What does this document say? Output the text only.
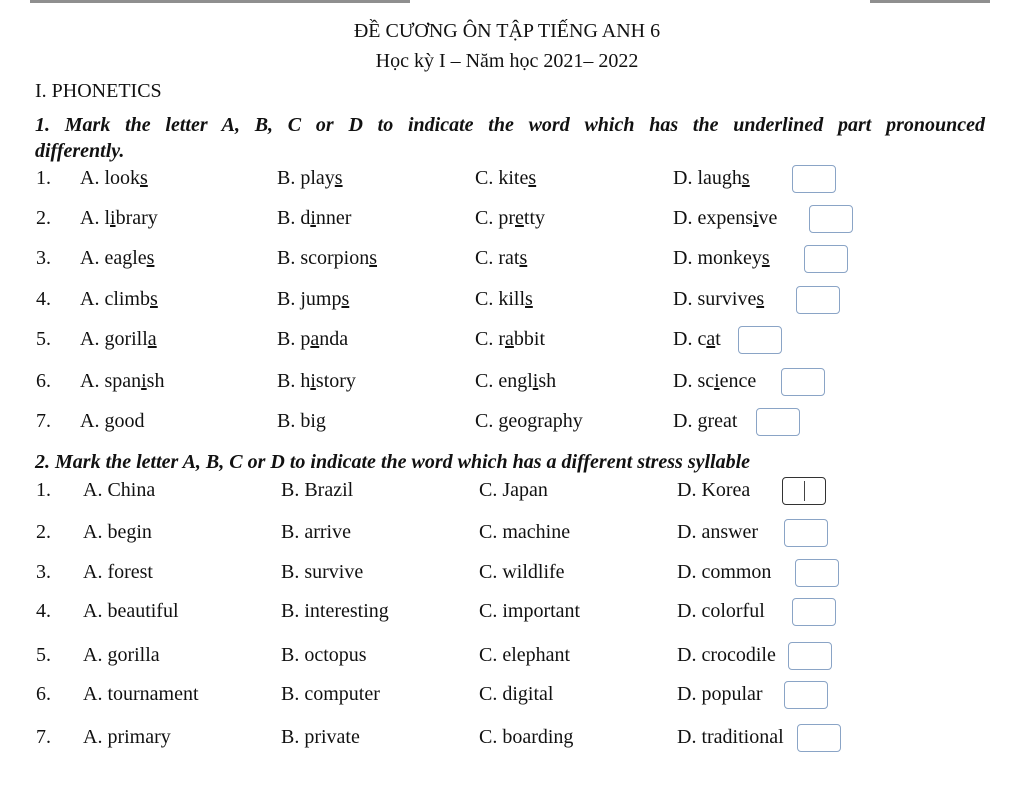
ĐỀ CƯƠNG ÔN TẬP TIẾNG ANH 6
Học kỳ I – Năm học 2021– 2022
I. PHONETICS
1. Mark the letter A, B, C or D to indicate the word which has the underlined part pronounced
differently.
1. A. looks	B. plays	C. kites	D. laughs
2. A. library	B. dinner	C. pretty	D. expensive
3. A. eagles	B. scorpions	C. rats	D. monkeys
4. A. climbs	B. jumps	C. kills	D. survives
5. A. gorilla	B. panda	C. rabbit	D. cat
6. A. spanish	B. history	C. english	D. science
7. A. good	B. big	C. geography	D. great
2. Mark the letter A, B, C or D to indicate the word which has a different stress syllable
1. A. China	B. Brazil	C. Japan	D. Korea
2. A. begin	B. arrive	C. machine	D. answer
3. A. forest	B. survive	C. wildlife	D. common
4. A. beautiful	B. interesting	C. important	D. colorful
5. A. gorilla	B. octopus	C. elephant	D. crocodile
6. A. tournament	B. computer	C. digital	D. popular
7. A. primary	B. private	C. boarding	D. traditional
